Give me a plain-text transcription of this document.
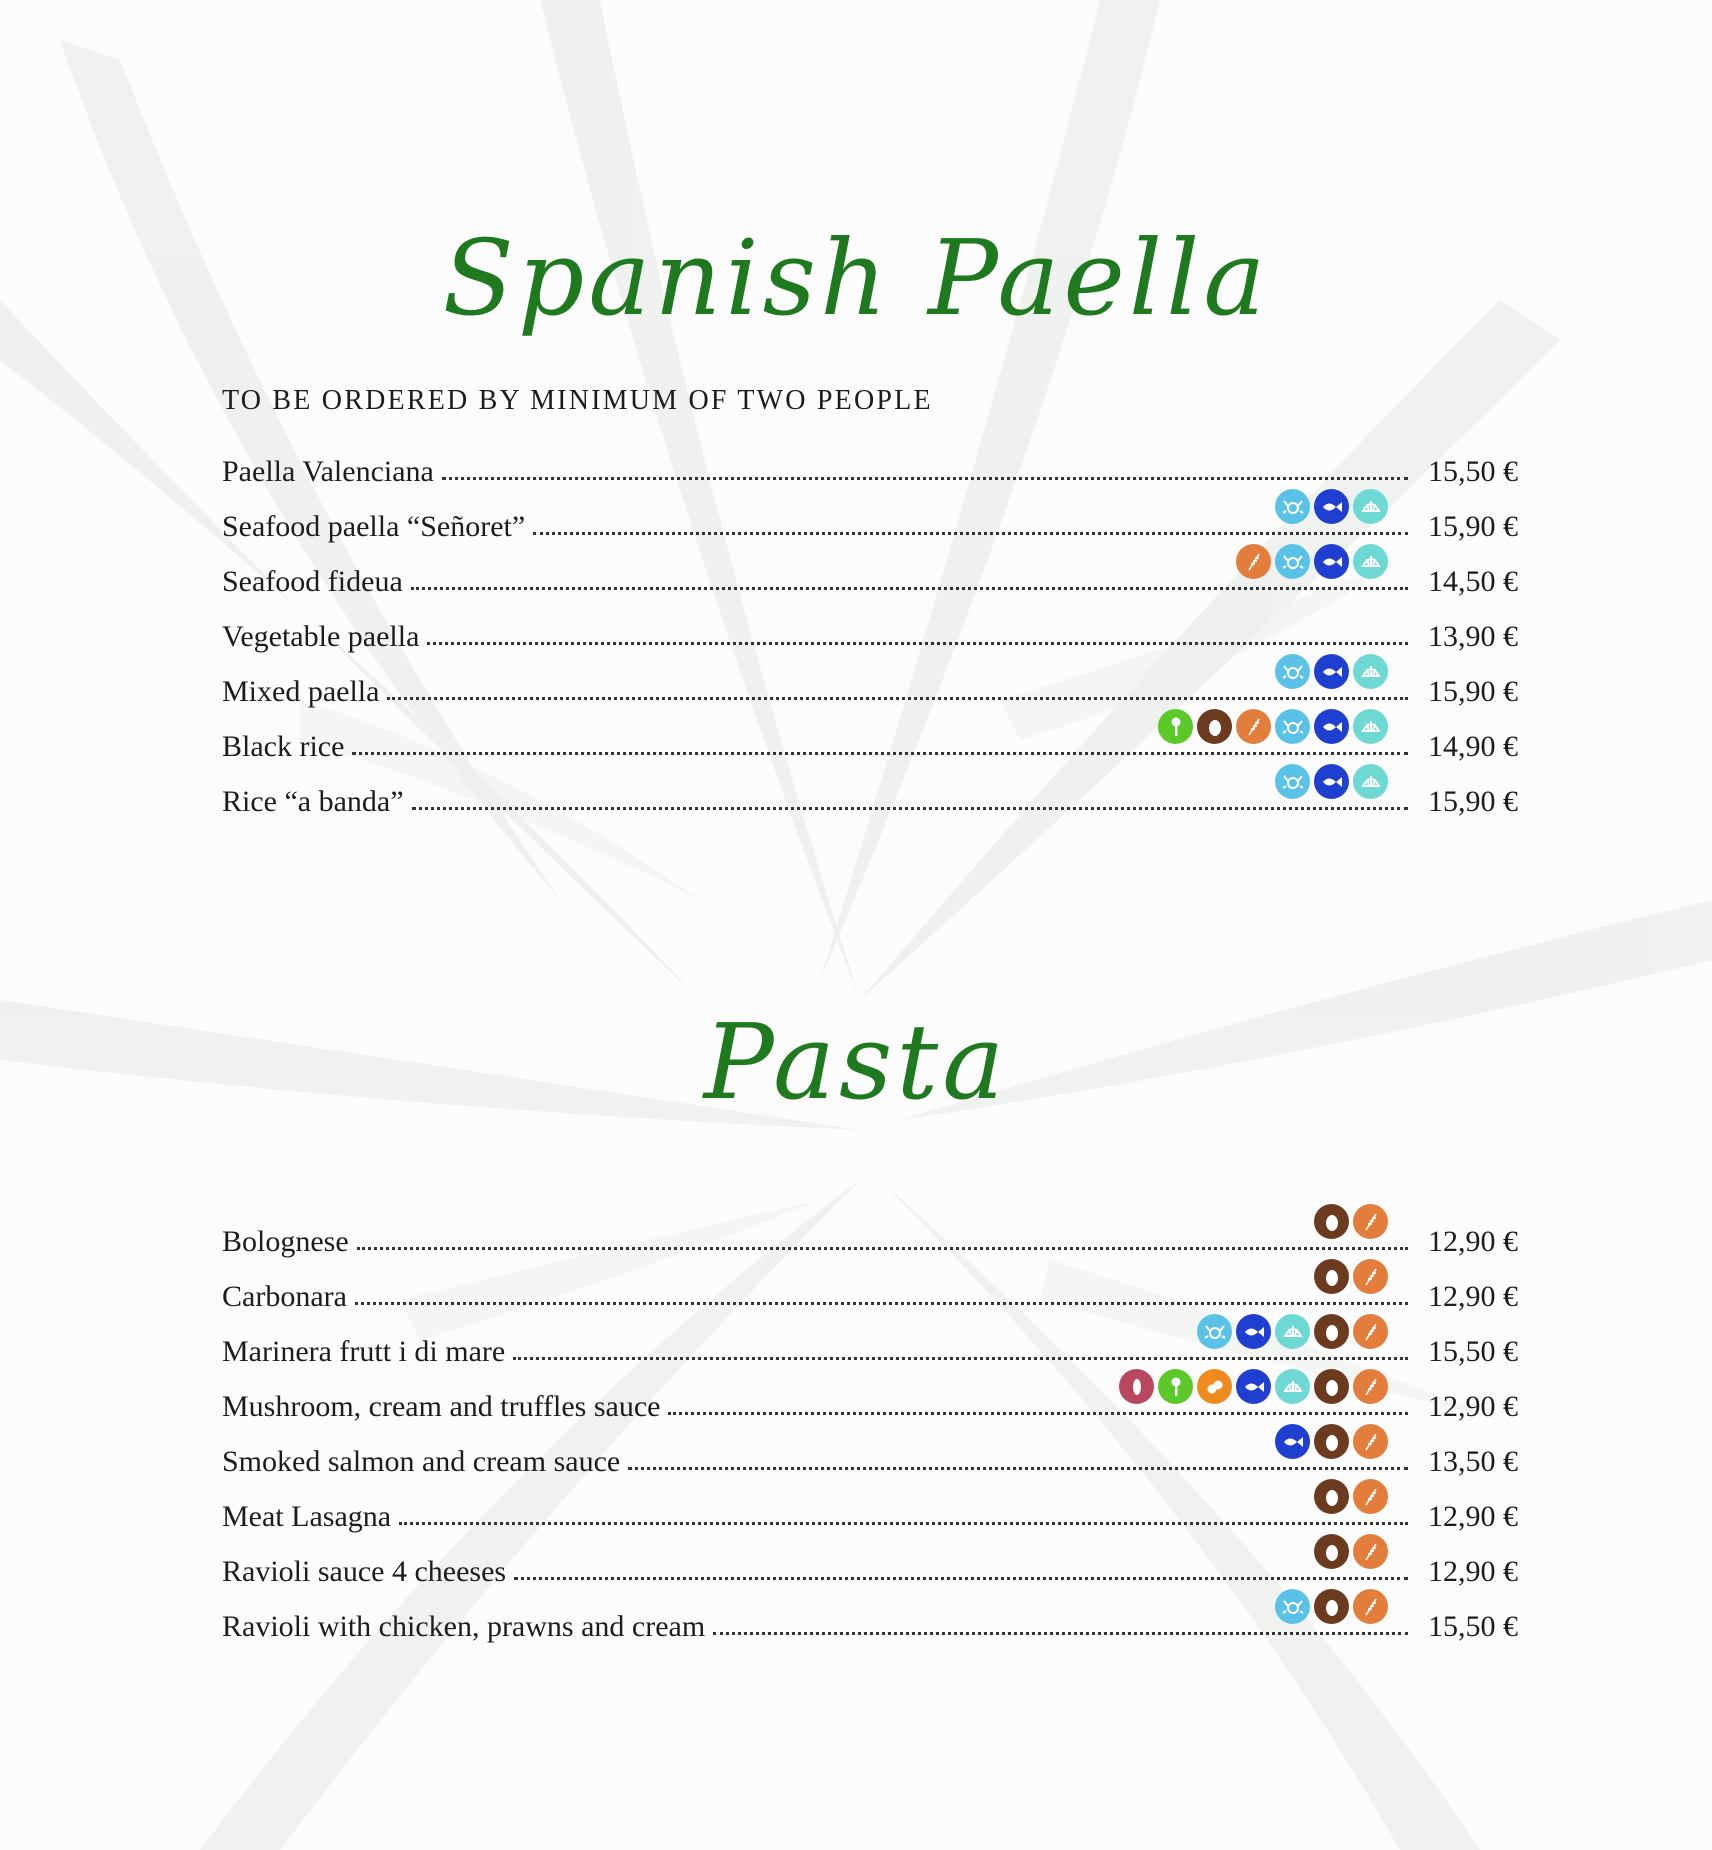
Spanish Paella
TO BE ORDERED BY MINIMUM OF TWO PEOPLE
Paella Valenciana	15,50 €
Seafood paella “Señoret”	15,90 €
Seafood fideua	14,50 €
Vegetable paella	13,90 €
Mixed paella	15,90 €
Black rice	14,90 €
Rice “a banda”	15,90 €
Pasta
Bolognese	12,90 €
Carbonara	12,90 €
Marinera frutt i di mare	15,50 €
Mushroom, cream and truffles sauce	12,90 €
Smoked salmon and cream sauce	13,50 €
Meat Lasagna	12,90 €
Ravioli sauce 4 cheeses	12,90 €
Ravioli with chicken, prawns and cream	15,50 €
